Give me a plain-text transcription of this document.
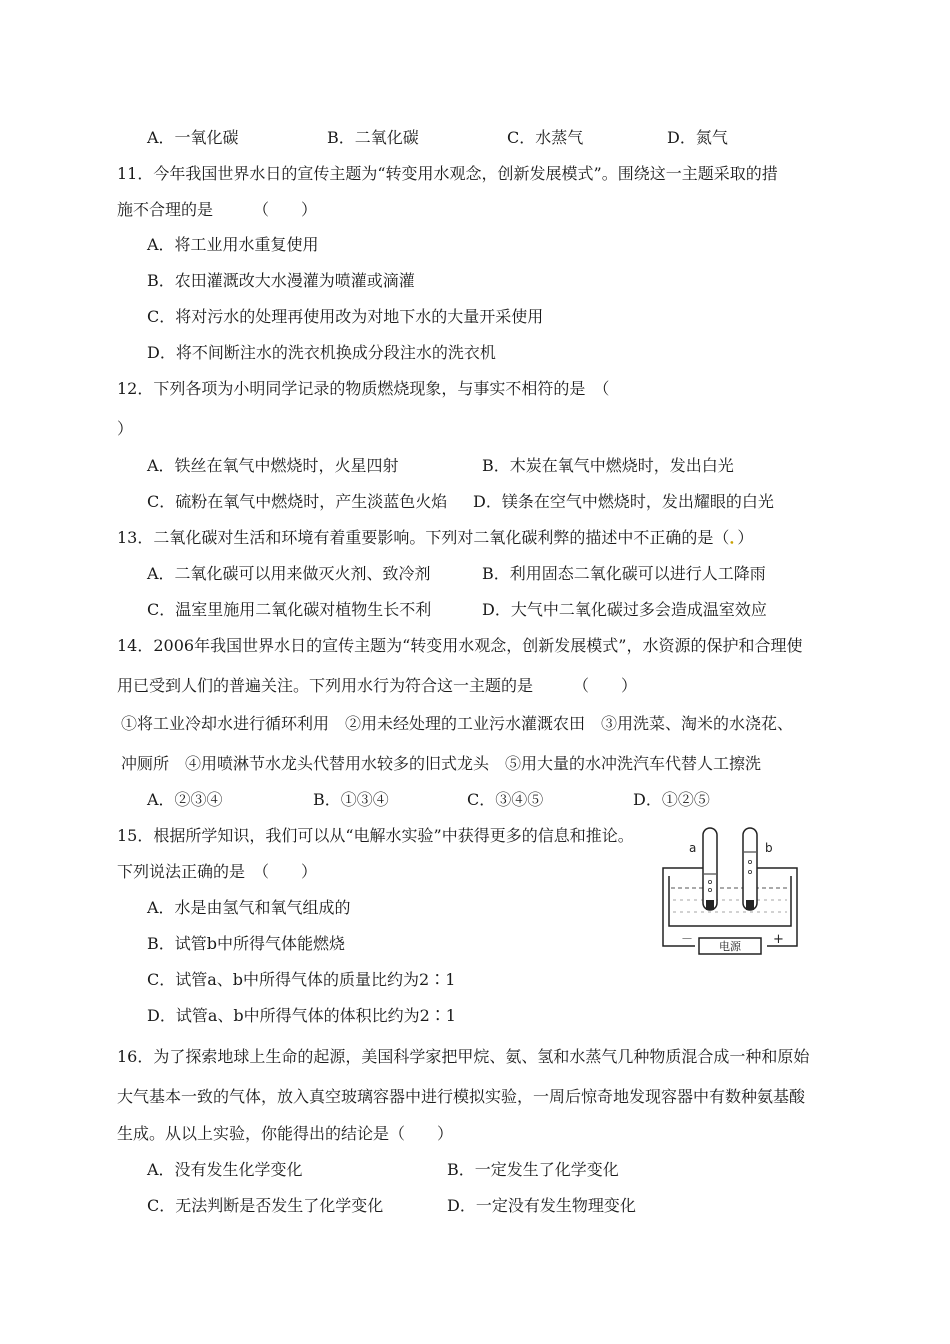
A．一氧化碳	B．二氧化碳	C．水蒸气	D．氮气
11．今年我国世界水日的宣传主题为“转变用水观念，创新发展模式”。围绕这一主题采取的措
施不合理的是　　　（　　）
A．将工业用水重复使用
B．农田灌溉改大水漫灌为喷灌或滴灌
C．将对污水的处理再使用改为对地下水的大量开采使用
D．将不间断注水的洗衣机换成分段注水的洗衣机
12．下列各项为小明同学记录的物质燃烧现象，与事实不相符的是　（
）
A．铁丝在氧气中燃烧时，火星四射	B．木炭在氧气中燃烧时，发出白光
C．硫粉在氧气中燃烧时，产生淡蓝色火焰 D．镁条在空气中燃烧时，发出耀眼的白光
13．二氧化碳对生活和环境有着重要影响。下列对二氧化碳利弊的描述中不正确的是（．）
A．二氧化碳可以用来做灭火剂、致冷剂	B．利用固态二氧化碳可以进行人工降雨
C．温室里施用二氧化碳对植物生长不利	D．大气中二氧化碳过多会造成温室效应
14．2006年我国世界水日的宣传主题为“转变用水观念，创新发展模式”，水资源的保护和合理使
用已受到人们的普遍关注。下列用水行为符合这一主题的是　　　（　　）
①将工业冷却水进行循环利用　②用未经处理的工业污水灌溉农田　③用洗菜、淘米的水浇花、
冲厕所　④用喷淋节水龙头代替用水较多的旧式龙头　⑤用大量的水冲洗汽车代替人工擦洗
A．②③④	B．①③④	C．③④⑤	D．①②⑤
15．根据所学知识，我们可以从“电解水实验”中获得更多的信息和推论。
下列说法正确的是　（　　）
A．水是由氢气和氧气组成的
B．试管b中所得气体能燃烧
C．试管a、b中所得气体的质量比约为2∶1
D．试管a、b中所得气体的体积比约为2∶1
a	b
电源
－	+
16．为了探索地球上生命的起源，美国科学家把甲烷、氨、氢和水蒸气几种物质混合成一种和原始
大气基本一致的气体，放入真空玻璃容器中进行模拟实验，一周后惊奇地发现容器中有数种氨基酸
生成。从以上实验，你能得出的结论是（　　）
A．没有发生化学变化	B．一定发生了化学变化
C．无法判断是否发生了化学变化	D．一定没有发生物理变化
